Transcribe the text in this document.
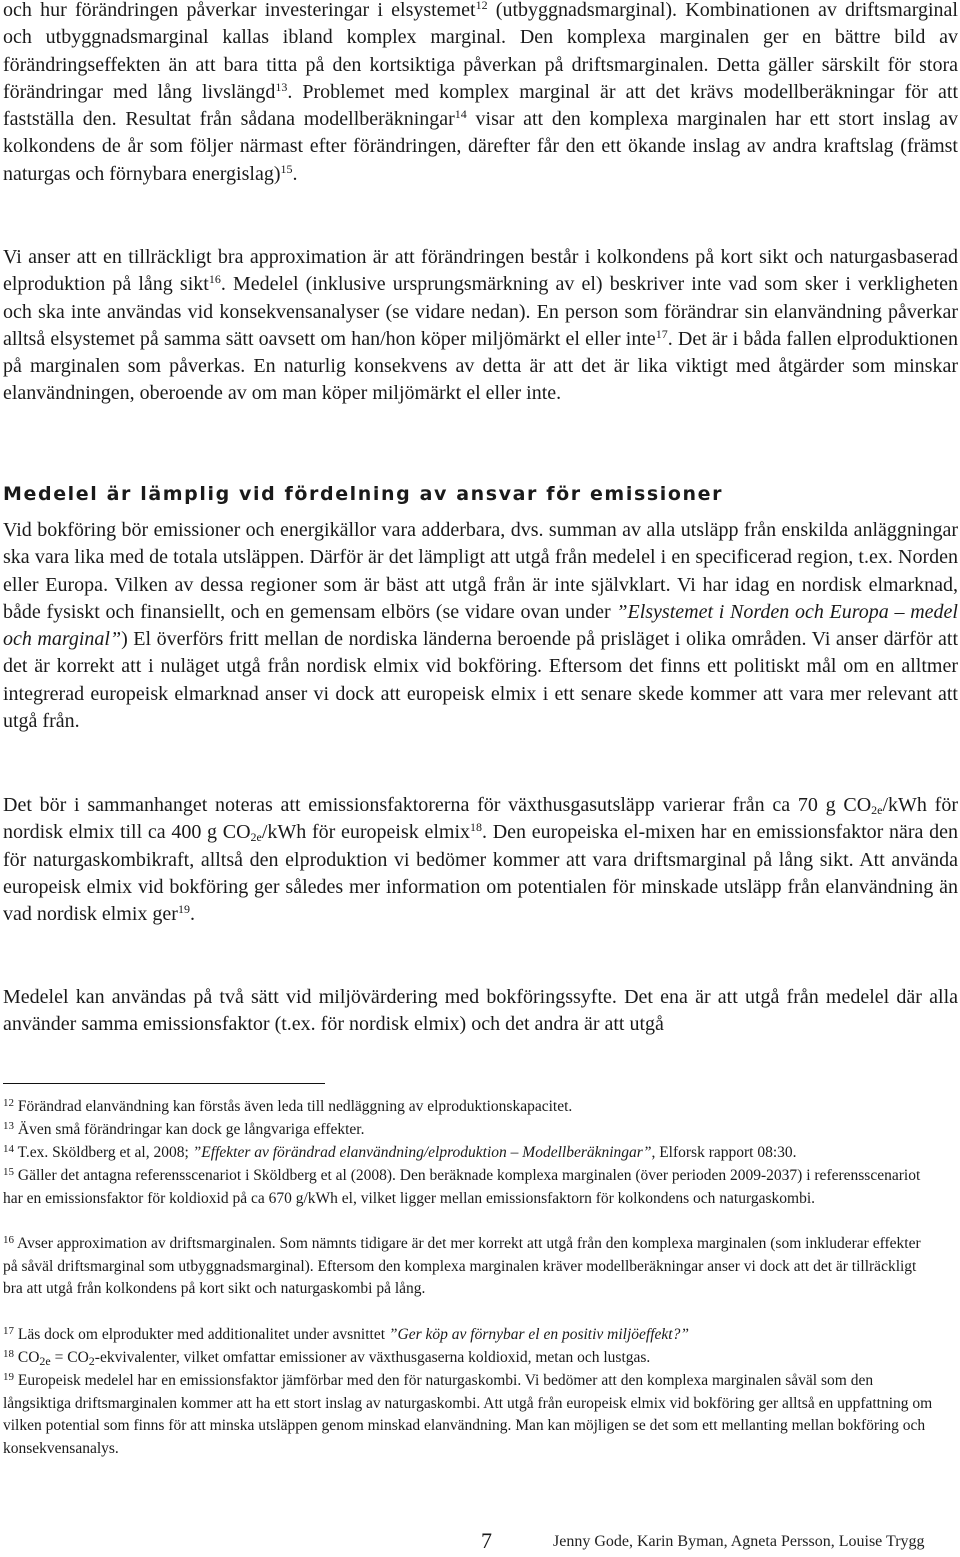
och hur förändringen påverkar investeringar i elsystemet$^{12}$ (utbyggnadsmarginal). Kombinationen av driftsmarginal och utbyggnadsmarginal kallas ibland komplex marginal. Den komplexa marginalen ger en bättre bild av förändringseffekten än att bara titta på den kortsiktiga påverkan på driftsmarginalen. Detta gäller särskilt för stora förändringar med lång livslängd$^{13}$. Problemet med komplex marginal är att det krävs modellberäkningar för att fastställa den. Resultat från sådana modellberäkningar$^{14}$ visar att den komplexa marginalen har ett stort inslag av kolkondens de år som följer närmast efter förändringen, därefter får den ett ökande inslag av andra kraftslag (främst naturgas och förnybara energislag)$^{15}$.

Vi anser att en tillräckligt bra approximation är att förändringen består i kolkondens på kort sikt och naturgasbaserad elproduktion på lång sikt$^{16}$. Medelel (inklusive ursprungsmärkning av el) beskriver inte vad som sker i verkligheten och ska inte användas vid konsekvensanalyser (se vidare nedan). En person som förändrar sin elanvändning påverkar alltså elsystemet på samma sätt oavsett om han/hon köper miljömärkt el eller inte$^{17}$. Det är i båda fallen elproduktionen på marginalen som påverkas. En naturlig konsekvens av detta är att det är lika viktigt med åtgärder som minskar elanvändningen, oberoende av om man köper miljömärkt el eller inte.

Medelel är lämplig vid fördelning av ansvar för emissioner

Vid bokföring bör emissioner och energikällor vara adderbara, dvs. summan av alla utsläpp från enskilda anläggningar ska vara lika med de totala utsläppen. Därför är det lämpligt att utgå från medelel i en specificerad region, t.ex. Norden eller Europa. Vilken av dessa regioner som är bäst att utgå från är inte självklart. Vi har idag en nordisk elmarknad, både fysiskt och finansiellt, och en gemensam elbörs (se vidare ovan under ”Elsystemet i Norden och Europa – medel och marginal”) El överförs fritt mellan de nordiska länderna beroende på prisläget i olika områden. Vi anser därför att det är korrekt att i nuläget utgå från nordisk elmix vid bokföring. Eftersom det finns ett politiskt mål om en alltmer integrerad europeisk elmarknad anser vi dock att europeisk elmix i ett senare skede kommer att vara mer relevant att utgå från.

Det bör i sammanhanget noteras att emissionsfaktorerna för växthusgasutsläpp varierar från ca 70 g $CO_{2e}$/kWh för nordisk elmix till ca 400 g $CO_{2e}$/kWh för europeisk elmix$^{18}$. Den europeiska el-mixen har en emissionsfaktor nära den för naturgaskombikraft, alltså den elproduktion vi bedömer kommer att vara driftsmarginal på lång sikt. Att använda europeisk elmix vid bokföring ger således mer information om potentialen för minskade utsläpp från elanvändning än vad nordisk elmix ger$^{19}$.

Medelel kan användas på två sätt vid miljövärdering med bokföringssyfte. Det ena är att utgå från medelel där alla använder samma emissionsfaktor (t.ex. för nordisk elmix) och det andra är att utgå

$^{12}$ Förändrad elanvändning kan förstås även leda till nedläggning av elproduktionskapacitet.

$^{13}$ Även små förändringar kan dock ge långvariga effekter.

$^{14}$ T.ex. Sköldberg et al, 2008; ”Effekter av förändrad elanvändning/elproduktion – Modellberäkningar”, Elforsk rapport 08:30.

$^{15}$ Gäller det antagna referensscenariot i Sköldberg et al (2008). Den beräknade komplexa marginalen (över perioden 2009-2037) i referensscenariot har en emissionsfaktor för koldioxid på ca 670 g/kWh el, vilket ligger mellan emissionsfaktorn för kolkondens och naturgaskombi.

$^{16}$ Avser approximation av driftsmarginalen. Som nämnts tidigare är det mer korrekt att utgå från den komplexa marginalen (som inkluderar effekter på såväl driftsmarginal som utbyggnadsmarginal). Eftersom den komplexa marginalen kräver modellberäkningar anser vi dock att det är tillräckligt bra att utgå från kolkondens på kort sikt och naturgaskombi på lång.

$^{17}$ Läs dock om elprodukter med additionalitet under avsnittet ”Ger köp av förnybar el en positiv miljöeffekt?”

$^{18}$ $CO_{2e}$ = $CO_2$-ekvivalenter, vilket omfattar emissioner av växthusgaserna koldioxid, metan och lustgas.

$^{19}$ Europeisk medelel har en emissionsfaktor jämförbar med den för naturgaskombi. Vi bedömer att den komplexa marginalen såväl som den långsiktiga driftsmarginalen kommer att ha ett stort inslag av naturgaskombi. Att utgå från europeisk elmix vid bokföring ger alltså en uppfattning om vilken potential som finns för att minska utsläppen genom minskad elanvändning. Man kan möjligen se det som ett mellanting mellan bokföring och konsekvensanalys.

7	Jenny Gode, Karin Byman, Agneta Persson, Louise Trygg
